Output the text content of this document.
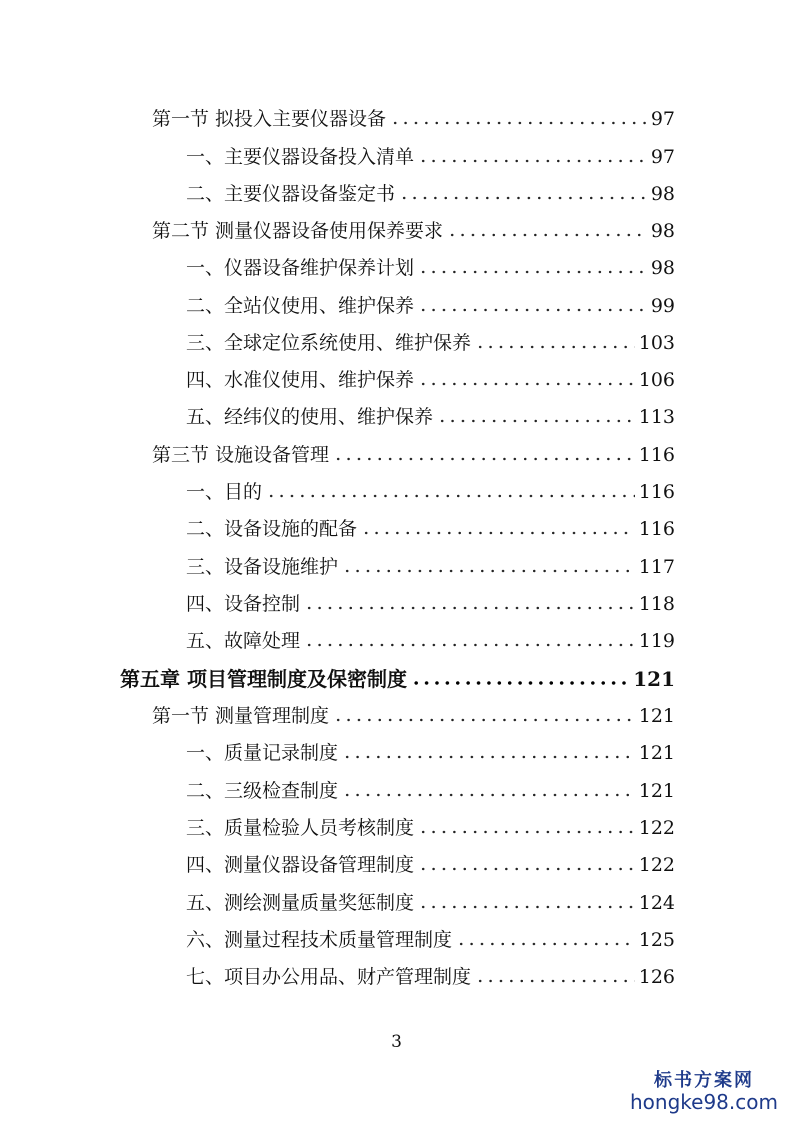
第一节 拟投入主要仪器设备	97
一、主要仪器设备投入清单	97
二、主要仪器设备鉴定书	98
第二节 测量仪器设备使用保养要求	98
一、仪器设备维护保养计划	98
二、全站仪使用、维护保养	99
三、全球定位系统使用、维护保养	103
四、水准仪使用、维护保养	106
五、经纬仪的使用、维护保养	113
第三节 设施设备管理	116
一、目的	116
二、设备设施的配备	116
三、设备设施维护	117
四、设备控制	118
五、故障处理	119
第五章 项目管理制度及保密制度	121
第一节 测量管理制度	121
一、质量记录制度	121
二、三级检查制度	121
三、质量检验人员考核制度	122
四、测量仪器设备管理制度	122
五、测绘测量质量奖惩制度	124
六、测量过程技术质量管理制度	125
七、项目办公用品、财产管理制度	126
3
标书方案网
hongke98.com
